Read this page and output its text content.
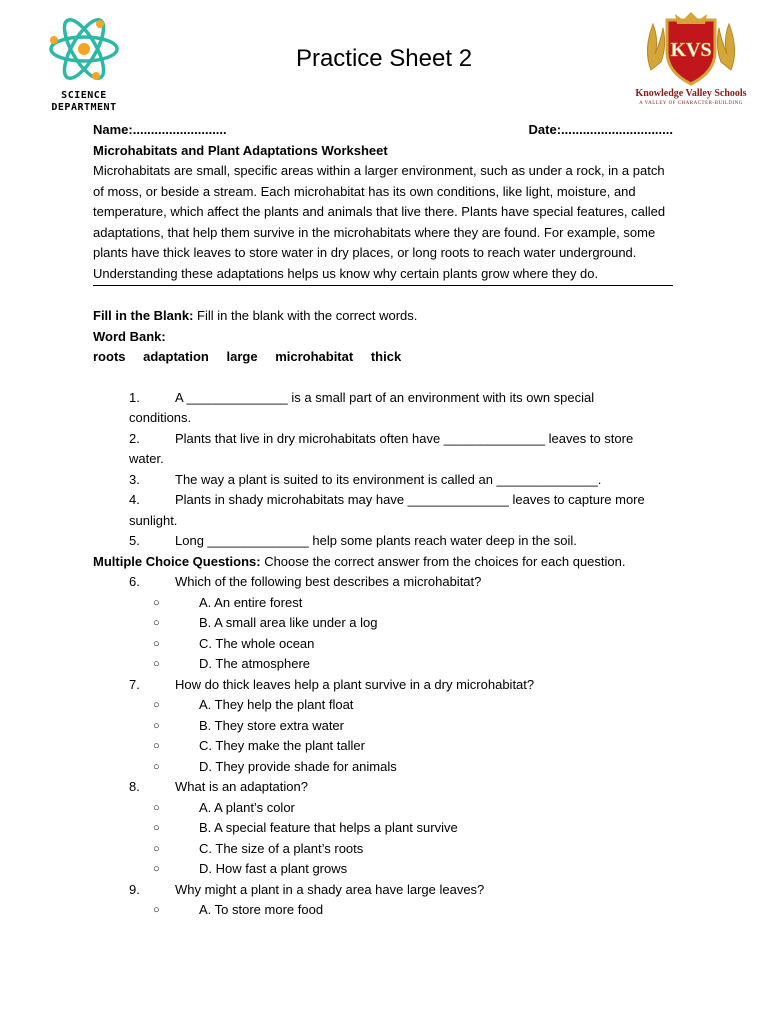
SCIENCE
DEPARTMENT
Practice Sheet 2	KVS
Knowledge Valley Schools
A VALLEY OF CHARACTER-BUILDING
Name:..........................	Date:...............................
Microhabitats and Plant Adaptations Worksheet
Microhabitats are small, specific areas within a larger environment, such as under a rock, in a patch of moss, or beside a stream. Each microhabitat has its own conditions, like light, moisture, and temperature, which affect the plants and animals that live there. Plants have special features, called adaptations, that help them survive in the microhabitats where they are found. For example, some plants have thick leaves to store water in dry places, or long roots to reach water underground. Understanding these adaptations helps us know why certain plants grow where they do.
Fill in the Blank: Fill in the blank with the correct words.
Word Bank:
roots adaptation large microhabitat thick
1.	A ______________ is a small part of an environment with its own special
conditions.
2.	Plants that live in dry microhabitats often have ______________ leaves to store
water.
3.	The way a plant is suited to its environment is called an ______________.
4.	Plants in shady microhabitats may have ______________ leaves to capture more
sunlight.
5.	Long ______________ help some plants reach water deep in the soil.
Multiple Choice Questions: Choose the correct answer from the choices for each question.
6.	Which of the following best describes a microhabitat?
○	A. An entire forest
○	B. A small area like under a log
○	C. The whole ocean
○	D. The atmosphere
7.	How do thick leaves help a plant survive in a dry microhabitat?
○	A. They help the plant float
○	B. They store extra water
○	C. They make the plant taller
○	D. They provide shade for animals
8.	What is an adaptation?
○	A. A plant’s color
○	B. A special feature that helps a plant survive
○	C. The size of a plant’s roots
○	D. How fast a plant grows
9.	Why might a plant in a shady area have large leaves?
○	A. To store more food
